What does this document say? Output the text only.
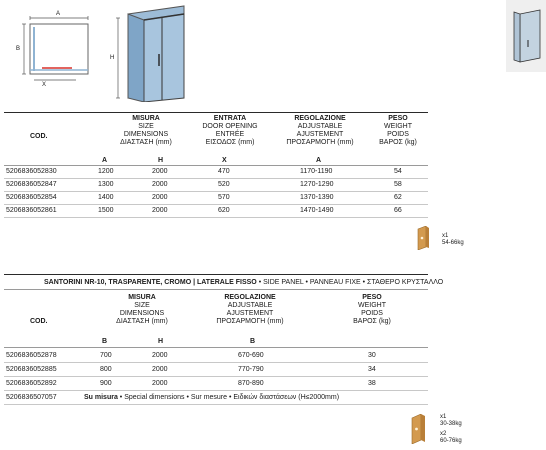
A
B
X
H
COD.
MISURA
SIZE
DIMENSIONS
ΔΙΑΣΤΑΣΗ (mm)
ENTRATA
DOOR OPENING
ENTRÉE
ΕΙΣΟΔΟΣ (mm)
REGOLAZIONE
ADJUSTABLE
AJUSTEMENT
ΠΡΟΣΑΡΜΟΓΗ (mm)
PESO
WEIGHT
POIDS
ΒΑΡΟΣ (kg)
A	H	X	A
5206836052830	1200	2000	470	1170-1190	54
5206836052847	1300	2000	520	1270-1290	58
5206836052854	1400	2000	570	1370-1390	62
5206836052861	1500	2000	620	1470-1490	66
x1
54-66kg
SANTORINI NR-10, TRASPARENTE, CROMO | LATERALE FISSO • SIDE PANEL • PANNEAU FIXE • ΣΤΑΘΕΡΟ ΚΡΥΣΤΑΛΛΟ
COD.
MISURA
SIZE
DIMENSIONS
ΔΙΑΣΤΑΣΗ (mm)
REGOLAZIONE
ADJUSTABLE
AJUSTEMENT
ΠΡΟΣΑΡΜΟΓΗ (mm)
PESO
WEIGHT
POIDS
ΒΑΡΟΣ (kg)
B	H	B
5206836052878	700	2000	670-690	30
5206836052885	800	2000	770-790	34
5206836052892	900	2000	870-890	38
5206836507057	Su misura • Special dimensions • Sur mesure • Ειδικών διαστάσεων (H≤2000mm)
x1
30-38kg
x2
60-76kg
